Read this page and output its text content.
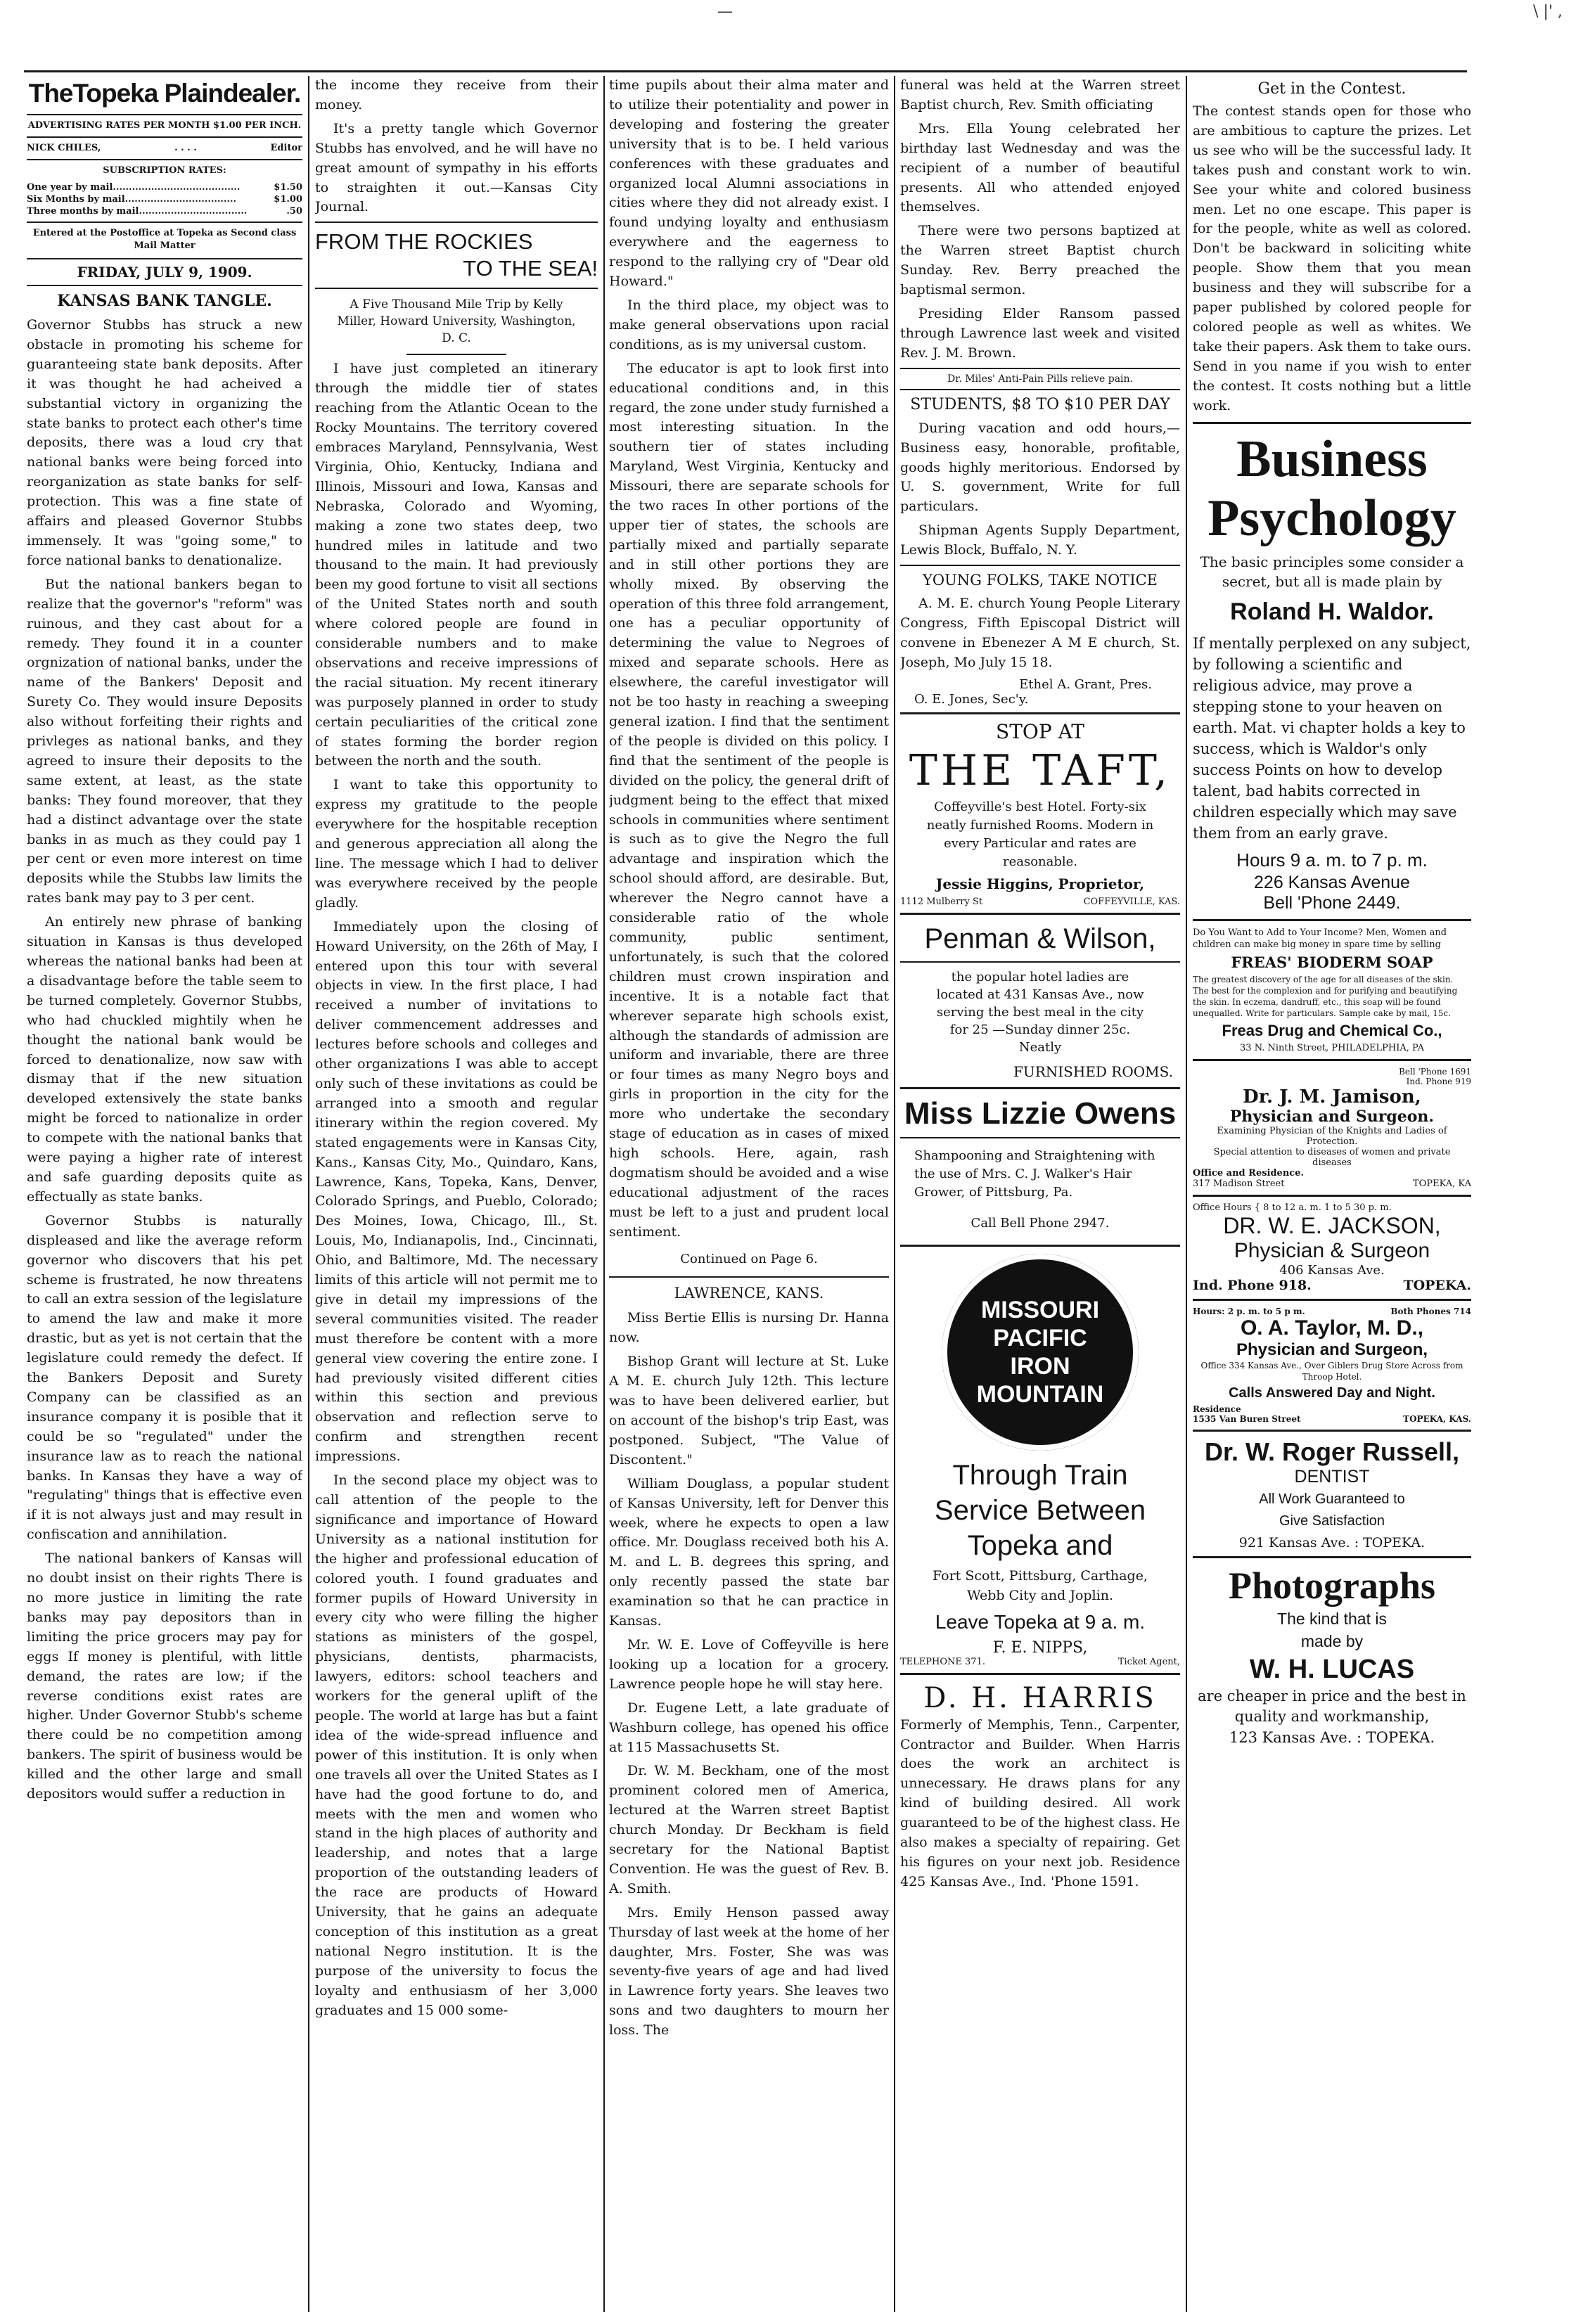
—	\ |' ,
TheTopeka Plaindealer.
ADVERTISING RATES PER MONTH $1.00 PER INCH.
NICK CHILES,	. . . .	Editor
SUBSCRIPTION RATES:
One year by mail........................................	$1.50
Six Months by mail...................................	$1.00
Three months by mail..................................	.50
Entered at the Postoffice at Topeka as Second class Mail Matter
FRIDAY, JULY 9, 1909.
KANSAS BANK TANGLE.

Governor Stubbs has struck a new obstacle in promoting his scheme for guaranteeing state bank deposits. After it was thought he had acheived a substantial victory in organizing the state banks to protect each other's time deposits, there was a loud cry that national banks were being forced into reorganization as state banks for self-protection. This was a fine state of affairs and pleased Governor Stubbs immensely. It was "going some," to force national banks to denationalize.

But the national bankers began to realize that the governor's "reform" was ruinous, and they cast about for a remedy. They found it in a counter orgnization of national banks, under the name of the Bankers' Deposit and Surety Co. They would insure Deposits also without forfeiting their rights and privleges as national banks, and they agreed to insure their deposits to the same extent, at least, as the state banks: They found moreover, that they had a distinct advantage over the state banks in as much as they could pay 1 per cent or even more interest on time deposits while the Stubbs law limits the rates bank may pay to 3 per cent.

An entirely new phrase of banking situation in Kansas is thus developed whereas the national banks had been at a disadvantage before the table seem to be turned completely. Governor Stubbs, who had chuckled mightily when he thought the national bank would be forced to denationalize, now saw with dismay that if the new situation developed extensively the state banks might be forced to nationalize in order to compete with the national banks that were paying a higher rate of interest and safe guarding deposits quite as effectually as state banks.

Governor Stubbs is naturally displeased and like the average reform governor who discovers that his pet scheme is frustrated, he now threatens to call an extra session of the legislature to amend the law and make it more drastic, but as yet is not certain that the legislature could remedy the defect. If the Bankers Deposit and Surety Company can be classified as an insurance company it is posible that it could be so "regulated" under the insurance law as to reach the national banks. In Kansas they have a way of "regulating" things that is effective even if it is not always just and may result in confiscation and annihilation.

The national bankers of Kansas will no doubt insist on their rights There is no more justice in limiting the rate banks may pay depositors than in limiting the price grocers may pay for eggs If money is plentiful, with little demand, the rates are low; if the reverse conditions exist rates are higher. Under Governor Stubb's scheme there could be no competition among bankers. The spirit of business would be killed and the other large and small depositors would suffer a reduction in

the income they receive from their money.

It's a pretty tangle which Governor Stubbs has envolved, and he will have no great amount of sympathy in his efforts to straighten it out.—Kansas City Journal.

FROM THE ROCKIES
TO THE SEA!
A Five Thousand Mile Trip by Kelly Miller, Howard University, Washington, D. C.

I have just completed an itinerary through the middle tier of states reaching from the Atlantic Ocean to the Rocky Mountains. The territory covered embraces Maryland, Pennsylvania, West Virginia, Ohio, Kentucky, Indiana and Illinois, Missouri and Iowa, Kansas and Nebraska, Colorado and Wyoming, making a zone two states deep, two hundred miles in latitude and two thousand to the main. It had previously been my good fortune to visit all sections of the United States north and south where colored people are found in considerable numbers and to make observations and receive impressions of the racial situation. My recent itinerary was purposely planned in order to study certain peculiarities of the critical zone of states forming the border region between the north and the south.

I want to take this opportunity to express my gratitude to the people everywhere for the hospitable reception and generous appreciation all along the line. The message which I had to deliver was everywhere received by the people gladly.

Immediately upon the closing of Howard University, on the 26th of May, I entered upon this tour with several objects in view. In the first place, I had received a number of invitations to deliver commencement addresses and lectures before schools and colleges and other organizations I was able to accept only such of these invitations as could be arranged into a smooth and regular itinerary within the region covered. My stated engagements were in Kansas City, Kans., Kansas City, Mo., Quindaro, Kans, Lawrence, Kans, Topeka, Kans, Denver, Colorado Springs, and Pueblo, Colorado; Des Moines, Iowa, Chicago, Ill., St. Louis, Mo, Indianapolis, Ind., Cincinnati, Ohio, and Baltimore, Md. The necessary limits of this article will not permit me to give in detail my impressions of the several communities visited. The reader must therefore be content with a more general view covering the entire zone. I had previously visited different cities within this section and previous observation and reflection serve to confirm and strengthen recent impressions.

In the second place my object was to call attention of the people to the significance and importance of Howard University as a national institution for the higher and professional education of colored youth. I found graduates and former pupils of Howard University in every city who were filling the higher stations as ministers of the gospel, physicians, dentists, pharmacists, lawyers, editors: school teachers and workers for the general uplift of the people. The world at large has but a faint idea of the wide-spread influence and power of this institution. It is only when one travels all over the United States as I have had the good fortune to do, and meets with the men and women who stand in the high places of authority and leadership, and notes that a large proportion of the outstanding leaders of the race are products of Howard University, that he gains an adequate conception of this institution as a great national Negro institution. It is the purpose of the university to focus the loyalty and enthusiasm of her 3,000 graduates and 15 000 some-

time pupils about their alma mater and to utilize their potentiality and power in developing and fostering the greater university that is to be. I held various conferences with these graduates and organized local Alumni associations in cities where they did not already exist. I found undying loyalty and enthusiasm everywhere and the eagerness to respond to the rallying cry of "Dear old Howard."

In the third place, my object was to make general observations upon racial conditions, as is my universal custom.

The educator is apt to look first into educational conditions and, in this regard, the zone under study furnished a most interesting situation. In the southern tier of states including Maryland, West Virginia, Kentucky and Missouri, there are separate schools for the two races In other portions of the upper tier of states, the schools are partially mixed and partially separate and in still other portions they are wholly mixed. By observing the operation of this three fold arrangement, one has a peculiar opportunity of determining the value to Negroes of mixed and separate schools. Here as elsewhere, the careful investigator will not be too hasty in reaching a sweeping general ization. I find that the sentiment of the people is divided on this policy. I find that the sentiment of the people is divided on the policy, the general drift of judgment being to the effect that mixed schools in communities where sentiment is such as to give the Negro the full advantage and inspiration which the school should afford, are desirable. But, wherever the Negro cannot have a considerable ratio of the whole community, public sentiment, unfortunately, is such that the colored children must crown inspiration and incentive. It is a notable fact that wherever separate high schools exist, although the standards of admission are uniform and invariable, there are three or four times as many Negro boys and girls in proportion in the city for the more who undertake the secondary stage of education as in cases of mixed high schools. Here, again, rash dogmatism should be avoided and a wise educational adjustment of the races must be left to a just and prudent local sentiment.

Continued on Page 6.
LAWRENCE, KANS.

Miss Bertie Ellis is nursing Dr. Hanna now.

Bishop Grant will lecture at St. Luke A M. E. church July 12th. This lecture was to have been delivered earlier, but on account of the bishop's trip East, was postponed. Subject, "The Value of Discontent."

William Douglass, a popular student of Kansas University, left for Denver this week, where he expects to open a law office. Mr. Douglass received both his A. M. and L. B. degrees this spring, and only recently passed the state bar examination so that he can practice in Kansas.

Mr. W. E. Love of Coffeyville is here looking up a location for a grocery. Lawrence people hope he will stay here.

Dr. Eugene Lett, a late graduate of Washburn college, has opened his office at 115 Massachusetts St.

Dr. W. M. Beckham, one of the most prominent colored men of America, lectured at the Warren street Baptist church Monday. Dr Beckham is field secretary for the National Baptist Convention. He was the guest of Rev. B. A. Smith.

Mrs. Emily Henson passed away Thursday of last week at the home of her daughter, Mrs. Foster, She was was seventy-five years of age and had lived in Lawrence forty years. She leaves two sons and two daughters to mourn her loss. The

funeral was held at the Warren street Baptist church, Rev. Smith officiating

Mrs. Ella Young celebrated her birthday last Wednesday and was the recipient of a number of beautiful presents. All who attended enjoyed themselves.

There were two persons baptized at the Warren street Baptist church Sunday. Rev. Berry preached the baptismal sermon.

Presiding Elder Ransom passed through Lawrence last week and visited Rev. J. M. Brown.

Dr. Miles' Anti-Pain Pills relieve pain.
STUDENTS, $8 TO $10 PER DAY

During vacation and odd hours,—Business easy, honorable, profitable, goods highly meritorious. Endorsed by U. S. government, Write for full particulars.

Shipman Agents Supply Department, Lewis Block, Buffalo, N. Y.

YOUNG FOLKS, TAKE NOTICE

A. M. E. church Young People Literary Congress, Fifth Episcopal District will convene in Ebenezer A M E church, St. Joseph, Mo July 15 18.

Ethel A. Grant, Pres.
O. E. Jones, Sec'y.
STOP AT
THE TAFT,
Coffeyville's best Hotel. Forty-six neatly furnished Rooms. Modern in every Particular and rates are reasonable.
Jessie Higgins, Proprietor,
1112 Mulberry St	COFFEYVILLE, KAS.
Penman & Wilson,
the popular hotel ladies are located at 431 Kansas Ave., now serving the best meal in the city for 25 —Sunday dinner 25c. Neatly
FURNISHED ROOMS.
Miss Lizzie Owens
Shampooning and Straightening with the use of Mrs. C. J. Walker's Hair Grower, of Pittsburg, Pa.
Call Bell Phone 2947.
MISSOURI
PACIFIC
IRON
MOUNTAIN
Through Train
Service Between
Topeka and
Fort Scott, Pittsburg, Carthage, Webb City and Joplin.
Leave Topeka at 9 a. m.
F. E. NIPPS,
TELEPHONE 371.	Ticket Agent,
D. H. HARRIS

Formerly of Memphis, Tenn., Carpenter, Contractor and Builder. When Harris does the work an architect is unnecessary. He draws plans for any kind of building desired. All work guaranteed to be of the highest class. He also makes a specialty of repairing. Get his figures on your next job. Residence 425 Kansas Ave., Ind. 'Phone 1591.

Get in the Contest.

The contest stands open for those who are ambitious to capture the prizes. Let us see who will be the successful lady. It takes push and constant work to win. See your white and colored business men. Let no one escape. This paper is for the people, white as well as colored. Don't be backward in soliciting white people. Show them that you mean business and they will subscribe for a paper published by colored people for colored people as well as whites. We take their papers. Ask them to take ours. Send in you name if you wish to enter the contest. It costs nothing but a little work.

Business
Psychology
The basic principles some consider a secret, but all is made plain by
Roland H. Waldor.
If mentally perplexed on any subject, by following a scientific and religious advice, may prove a stepping stone to your heaven on earth. Mat. vi chapter holds a key to success, which is Waldor's only success Points on how to develop talent, bad habits corrected in children especially which may save them from an early grave.
Hours 9 a. m. to 7 p. m.
226 Kansas Avenue
Bell 'Phone 2449.
Do You Want to Add to Your Income? Men, Women and children can make big money in spare time by selling
FREAS' BIODERM SOAP
The greatest discovery of the age for all diseases of the skin. The best for the complexion and for purifying and beautifying the skin. In eczema, dandruff, etc., this soap will be found unequalled. Write for particulars. Sample cake by mail, 15c.
Freas Drug and Chemical Co.,
33 N. Ninth Street, PHILADELPHIA, PA
Bell 'Phone 1691
Ind. Phone 919
Dr. J. M. Jamison,
Physician and Surgeon.
Examining Physician of the Knights and Ladies of Protection.
Special attention to diseases of women and private diseases
Office and Residence.
317 Madison Street	TOPEKA, KA
Office Hours { 8 to 12 a. m. 1 to 5 30 p. m.
DR. W. E. JACKSON,
Physician & Surgeon
406 Kansas Ave.
Ind. Phone 918.	TOPEKA.
Hours: 2 p. m. to 5 p m.	Both Phones 714
O. A. Taylor, M. D.,
Physician and Surgeon,
Office 334 Kansas Ave., Over Giblers Drug Store Across from Throop Hotel.
Calls Answered Day and Night.
Residence
1535 Van Buren Street	TOPEKA, KAS.
Dr. W. Roger Russell,
DENTIST
All Work Guaranteed to
Give Satisfaction
921 Kansas Ave. : TOPEKA.
Photographs
The kind that is
made by
W. H. LUCAS
are cheaper in price and the best in quality and workmanship,
123 Kansas Ave. : TOPEKA.
